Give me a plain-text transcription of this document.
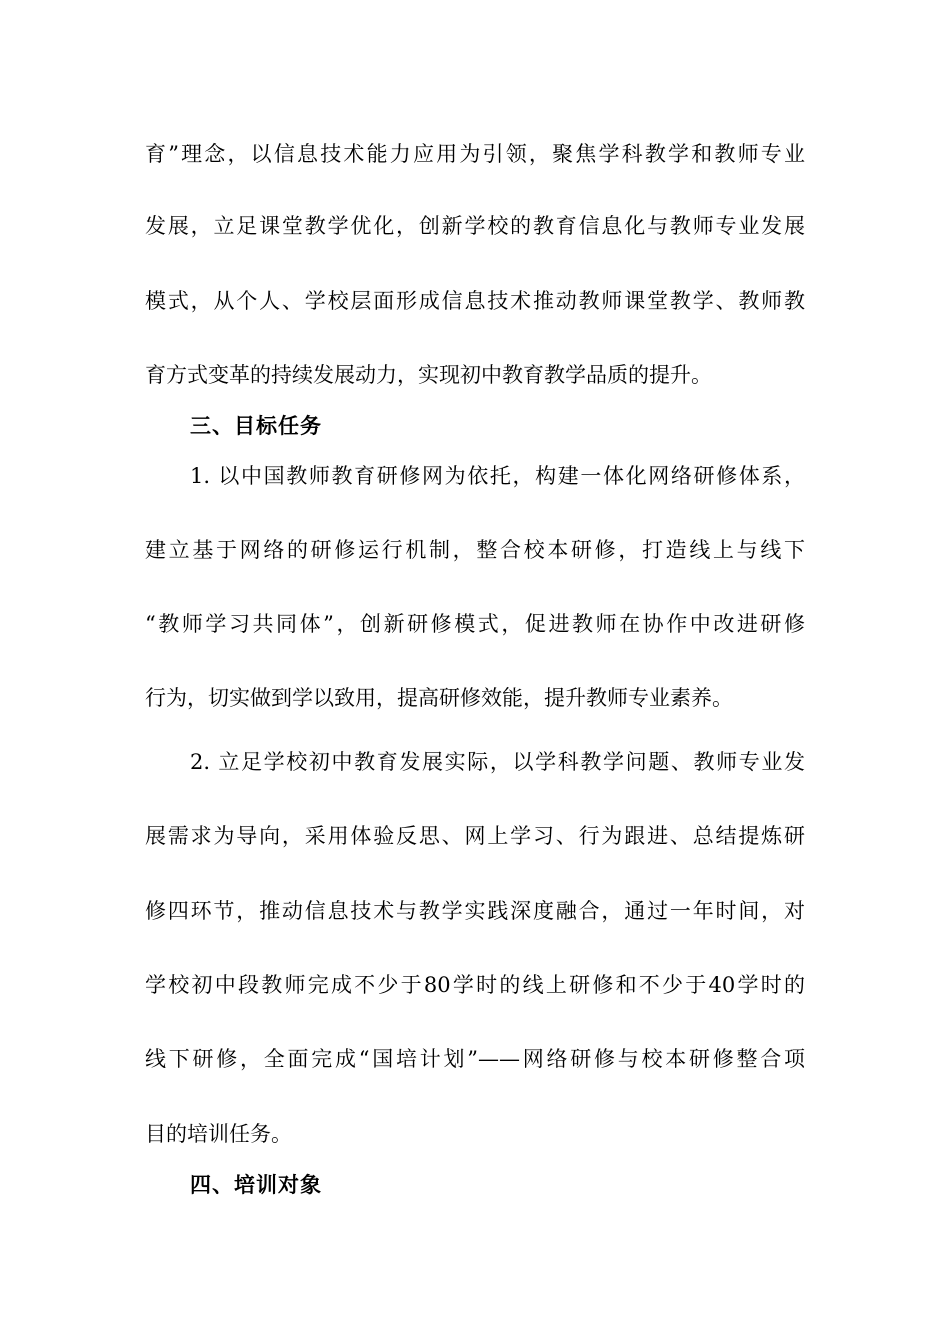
育”理念，以信息技术能力应用为引领，聚焦学科教学和教师专业
发展，立足课堂教学优化，创新学校的教育信息化与教师专业发展
模式，从个人、学校层面形成信息技术推动教师课堂教学、教师教
育方式变革的持续发展动力，实现初中教育教学品质的提升。
三、目标任务
1. 以中国教师教育研修网为依托，构建一体化网络研修体系，
建立基于网络的研修运行机制，整合校本研修，打造线上与线下
“教师学习共同体”，创新研修模式，促进教师在协作中改进研修
行为，切实做到学以致用，提高研修效能，提升教师专业素养。
2. 立足学校初中教育发展实际，以学科教学问题、教师专业发
展需求为导向，采用体验反思、网上学习、行为跟进、总结提炼研
修四环节，推动信息技术与教学实践深度融合，通过一年时间，对
学校初中段教师完成不少于80学时的线上研修和不少于40学时的
线下研修，全面完成“国培计划”——网络研修与校本研修整合项
目的培训任务。
四、培训对象
